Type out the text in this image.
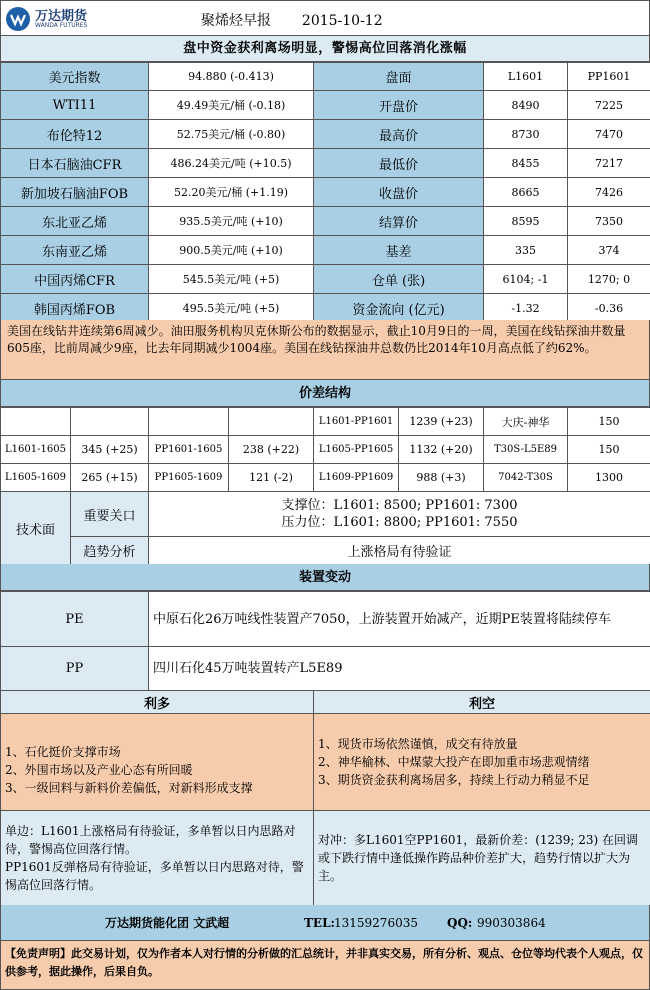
万达期货
WANDA FUTURES	聚烯烃早报 2015-10-12
盘中资金获利离场明显，警惕高位回落消化涨幅
美元指数	94.880 (-0.413)	盘面	L1601	PP1601
WTI11	49.49美元/桶 (-0.18)	开盘价	8490	7225
布伦特12	52.75美元/桶 (-0.80)	最高价	8730	7470
日本石脑油CFR	486.24美元/吨 (+10.5)	最低价	8455	7217
新加坡石脑油FOB	52.20美元/桶 (+1.19)	收盘价	8665	7426
东北亚乙烯	935.5美元/吨 (+10)	结算价	8595	7350
东南亚乙烯	900.5美元/吨 (+10)	基差	335	374
中国丙烯CFR	545.5美元/吨 (+5)	仓单 (张)	6104; -1	1270; 0
韩国丙烯FOB	495.5美元/吨 (+5)	资金流向 (亿元)	-1.32	-0.36
美国在线钻井连续第6周减少。油田服务机构贝克休斯公布的数据显示，截止10月9日的一周，美国在线钻探油井数量605座，比前周减少9座，比去年同期减少1004座。美国在线钻探油井总数仍比2014年10月高点低了约62%。
价差结构
				L1601-PP1601	1239 (+23)	大庆-神华	150
L1601-1605	345 (+25)	PP1601-1605	238 (+22)	L1605-PP1605	1132 (+20)	T30S-L5E89	150
L1605-1609	265 (+15)	PP1605-1609	121 (-2)	L1609-PP1609	988 (+3)	7042-T30S	1300
技术面	重要关口	支撑位：L1601: 8500; PP1601: 7300
压力位：L1601: 8800; PP1601: 7550

	趋势分析	上涨格局有待验证
装置变动
PE	中原石化26万吨线性装置产7050，上游装置开始减产，近期PE装置将陆续停车
PP	四川石化45万吨装置转产L5E89
利多	利空
1、石化挺价支撑市场
2、外围市场以及产业心态有所回暖
3、一级回料与新料价差偏低，对新料形成支撑	1、现货市场依然谨慎，成交有待放量
2、神华榆林、中煤蒙大投产在即加重市场悲观情绪
3、期货资金获利离场居多，持续上行动力稍显不足
单边：L1601上涨格局有待验证，多单暂以日内思路对待，警惕高位回落行情。
PP1601反弹格局有待验证，多单暂以日内思路对待，警惕高位回落行情。	对冲：多L1601空PP1601，最新价差：(1239; 23) 在回调或下跌行情中逢低操作跨品种价差扩大，趋势行情以扩大为主。
万达期货能化团 文武超	TEL: 13159276035 QQ: 990303864
【免责声明】此交易计划，仅为作者本人对行情的分析做的汇总统计，并非真实交易，所有分析、观点、仓位等均代表个人观点，仅供参考，据此操作，后果自负。
